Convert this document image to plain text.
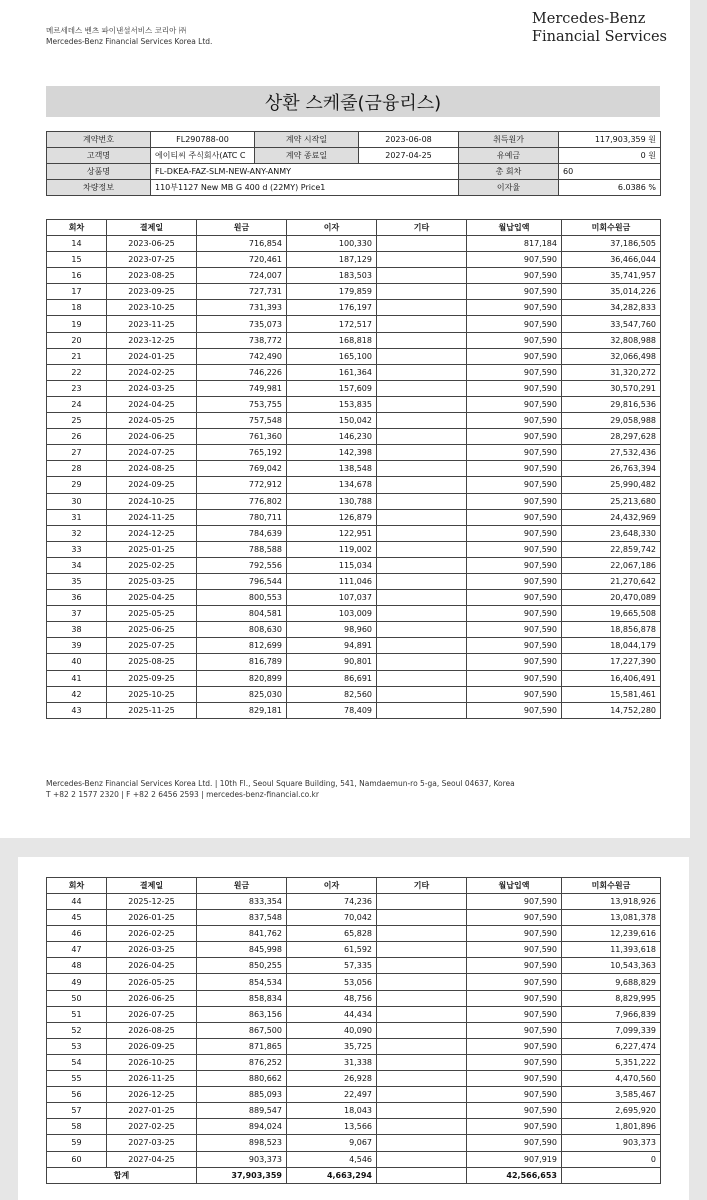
메르세데스 벤츠 파이낸셜서비스 코리아 ㈜
Mercedes-Benz Financial Services Korea Ltd.
Mercedes-Benz
Financial Services
상환 스케줄(금융리스)
계약번호	FL290788-00	계약 시작일	2023-06-08	취득원가	117,903,359 원
고객명	에이티씨 주식회사(ATC C	계약 종료일	2027-04-25	유예금	0 원
상품명	FL-DKEA-FAZ-SLM-NEW-ANY-ANMY			총 회차	60
차량정보	110부1127 New MB G 400 d (22MY) Price1			이자율	6.0386 %
회차	결제일	원금	이자	기타	월납입액	미회수원금
14	2023-06-25	716,854	100,330		817,184	37,186,505
15	2023-07-25	720,461	187,129		907,590	36,466,044
16	2023-08-25	724,007	183,503		907,590	35,741,957
17	2023-09-25	727,731	179,859		907,590	35,014,226
18	2023-10-25	731,393	176,197		907,590	34,282,833
19	2023-11-25	735,073	172,517		907,590	33,547,760
20	2023-12-25	738,772	168,818		907,590	32,808,988
21	2024-01-25	742,490	165,100		907,590	32,066,498
22	2024-02-25	746,226	161,364		907,590	31,320,272
23	2024-03-25	749,981	157,609		907,590	30,570,291
24	2024-04-25	753,755	153,835		907,590	29,816,536
25	2024-05-25	757,548	150,042		907,590	29,058,988
26	2024-06-25	761,360	146,230		907,590	28,297,628
27	2024-07-25	765,192	142,398		907,590	27,532,436
28	2024-08-25	769,042	138,548		907,590	26,763,394
29	2024-09-25	772,912	134,678		907,590	25,990,482
30	2024-10-25	776,802	130,788		907,590	25,213,680
31	2024-11-25	780,711	126,879		907,590	24,432,969
32	2024-12-25	784,639	122,951		907,590	23,648,330
33	2025-01-25	788,588	119,002		907,590	22,859,742
34	2025-02-25	792,556	115,034		907,590	22,067,186
35	2025-03-25	796,544	111,046		907,590	21,270,642
36	2025-04-25	800,553	107,037		907,590	20,470,089
37	2025-05-25	804,581	103,009		907,590	19,665,508
38	2025-06-25	808,630	98,960		907,590	18,856,878
39	2025-07-25	812,699	94,891		907,590	18,044,179
40	2025-08-25	816,789	90,801		907,590	17,227,390
41	2025-09-25	820,899	86,691		907,590	16,406,491
42	2025-10-25	825,030	82,560		907,590	15,581,461
43	2025-11-25	829,181	78,409		907,590	14,752,280
Mercedes-Benz Financial Services Korea Ltd. | 10th Fl., Seoul Square Building, 541, Namdaemun-ro 5-ga, Seoul 04637, Korea
T +82 2 1577 2320 | F +82 2 6456 2593 | mercedes-benz-financial.co.kr
회차	결제일	원금	이자	기타	월납입액	미회수원금
44	2025-12-25	833,354	74,236		907,590	13,918,926
45	2026-01-25	837,548	70,042		907,590	13,081,378
46	2026-02-25	841,762	65,828		907,590	12,239,616
47	2026-03-25	845,998	61,592		907,590	11,393,618
48	2026-04-25	850,255	57,335		907,590	10,543,363
49	2026-05-25	854,534	53,056		907,590	9,688,829
50	2026-06-25	858,834	48,756		907,590	8,829,995
51	2026-07-25	863,156	44,434		907,590	7,966,839
52	2026-08-25	867,500	40,090		907,590	7,099,339
53	2026-09-25	871,865	35,725		907,590	6,227,474
54	2026-10-25	876,252	31,338		907,590	5,351,222
55	2026-11-25	880,662	26,928		907,590	4,470,560
56	2026-12-25	885,093	22,497		907,590	3,585,467
57	2027-01-25	889,547	18,043		907,590	2,695,920
58	2027-02-25	894,024	13,566		907,590	1,801,896
59	2027-03-25	898,523	9,067		907,590	903,373
60	2027-04-25	903,373	4,546		907,919	0
합계		37,903,359	4,663,294		42,566,653	
